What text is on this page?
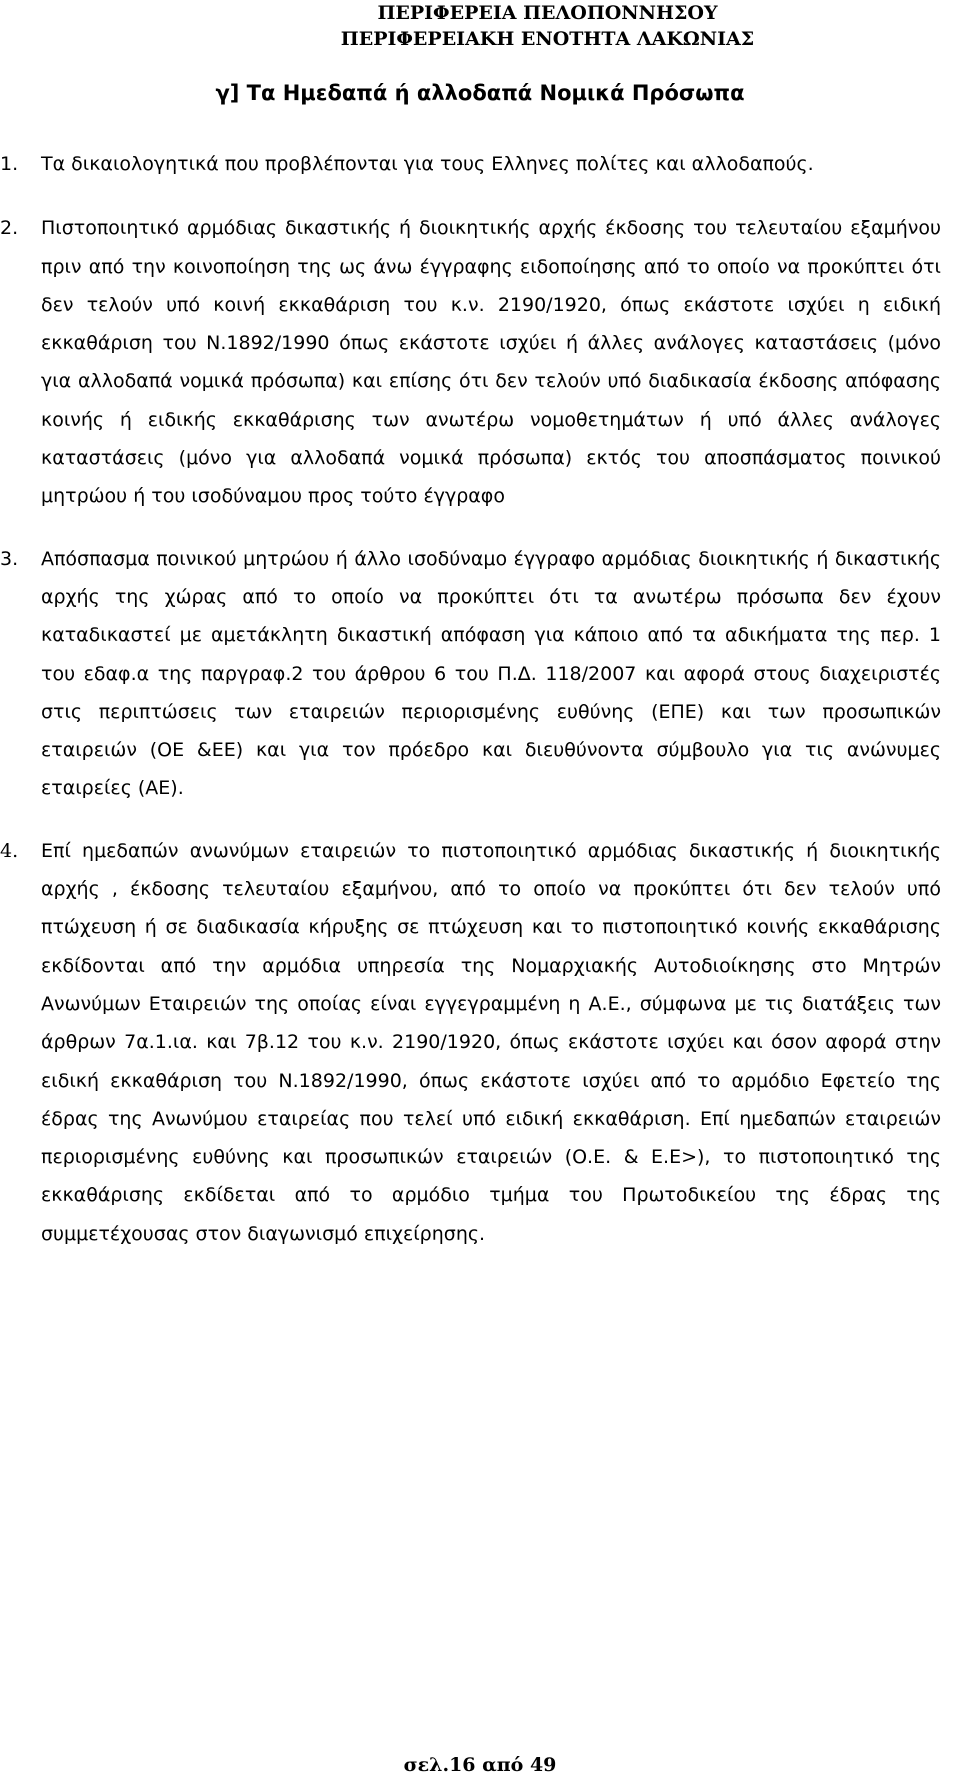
ΠΕΡΙΦΕΡΕΙΑ ΠΕΛΟΠΟΝΝΗΣΟΥ
ΠΕΡΙΦΕΡΕΙΑΚΗ ΕΝΟΤΗΤΑ ΛΑΚΩΝΙΑΣ
γ] Τα Ημεδαπά ή αλλοδαπά Νομικά Πρόσωπα
1. Τα δικαιολογητικά που προβλέπονται για τους Ελληνες πολίτες και αλλοδαπούς.
2. Πιστοποιητικό αρμόδιας δικαστικής ή διοικητικής αρχής έκδοσης του τελευταίου εξαμήνου πριν από την κοινοποίηση της ως άνω έγγραφης ειδοποίησης από το οποίο να προκύπτει ότι δεν τελούν υπό κοινή εκκαθάριση του κ.ν. 2190/1920, όπως εκάστοτε ισχύει η ειδική εκκαθάριση του Ν.1892/1990 όπως εκάστοτε ισχύει ή άλλες ανάλογες καταστάσεις (μόνο για αλλοδαπά νομικά πρόσωπα) και επίσης ότι δεν τελούν υπό διαδικασία έκδοσης απόφασης κοινής ή ειδικής εκκαθάρισης των ανωτέρω νομοθετημάτων ή υπό άλλες ανάλογες καταστάσεις (μόνο για αλλοδαπά νομικά πρόσωπα) εκτός του αποσπάσματος ποινικού μητρώου ή του ισοδύναμου προς τούτο έγγραφο
3. Απόσπασμα ποινικού μητρώου ή άλλο ισοδύναμο έγγραφο αρμόδιας διοικητικής ή δικαστικής αρχής της χώρας από το οποίο να προκύπτει ότι τα ανωτέρω πρόσωπα δεν έχουν καταδικαστεί με αμετάκλητη δικαστική απόφαση για κάποιο από τα αδικήματα της περ. 1 του εδαφ.α της παργραφ.2 του άρθρου 6 του Π.Δ. 118/2007 και αφορά στους διαχειριστές στις περιπτώσεις των εταιρειών περιορισμένης ευθύνης (ΕΠΕ) και των προσωπικών εταιρειών (ΟΕ &ΕΕ) και για τον πρόεδρο και διευθύνοντα σύμβουλο για τις ανώνυμες εταιρείες (ΑΕ).
4. Επί ημεδαπών ανωνύμων εταιρειών το πιστοποιητικό αρμόδιας δικαστικής ή διοικητικής αρχής , έκδοσης τελευταίου εξαμήνου, από το οποίο να προκύπτει ότι δεν τελούν υπό πτώχευση ή σε διαδικασία κήρυξης σε πτώχευση και το πιστοποιητικό κοινής εκκαθάρισης εκδίδονται από την αρμόδια υπηρεσία της Νομαρχιακής Αυτοδιοίκησης στο Μητρών Ανωνύμων Εταιρειών της οποίας είναι εγγεγραμμένη η Α.Ε., σύμφωνα με τις διατάξεις των άρθρων 7α.1.ια. και 7β.12 του κ.ν. 2190/1920, όπως εκάστοτε ισχύει και όσον αφορά στην ειδική εκκαθάριση του Ν.1892/1990, όπως εκάστοτε ισχύει από το αρμόδιο Εφετείο της έδρας της Ανωνύμου εταιρείας που τελεί υπό ειδική εκκαθάριση. Επί ημεδαπών εταιρειών περιορισμένης ευθύνης και προσωπικών εταιρειών (Ο.Ε. & Ε.Ε>), το πιστοποιητικό της εκκαθάρισης εκδίδεται από το αρμόδιο τμήμα του Πρωτοδικείου της έδρας της συμμετέχουσας στον διαγωνισμό επιχείρησης.
σελ.16 από 49
